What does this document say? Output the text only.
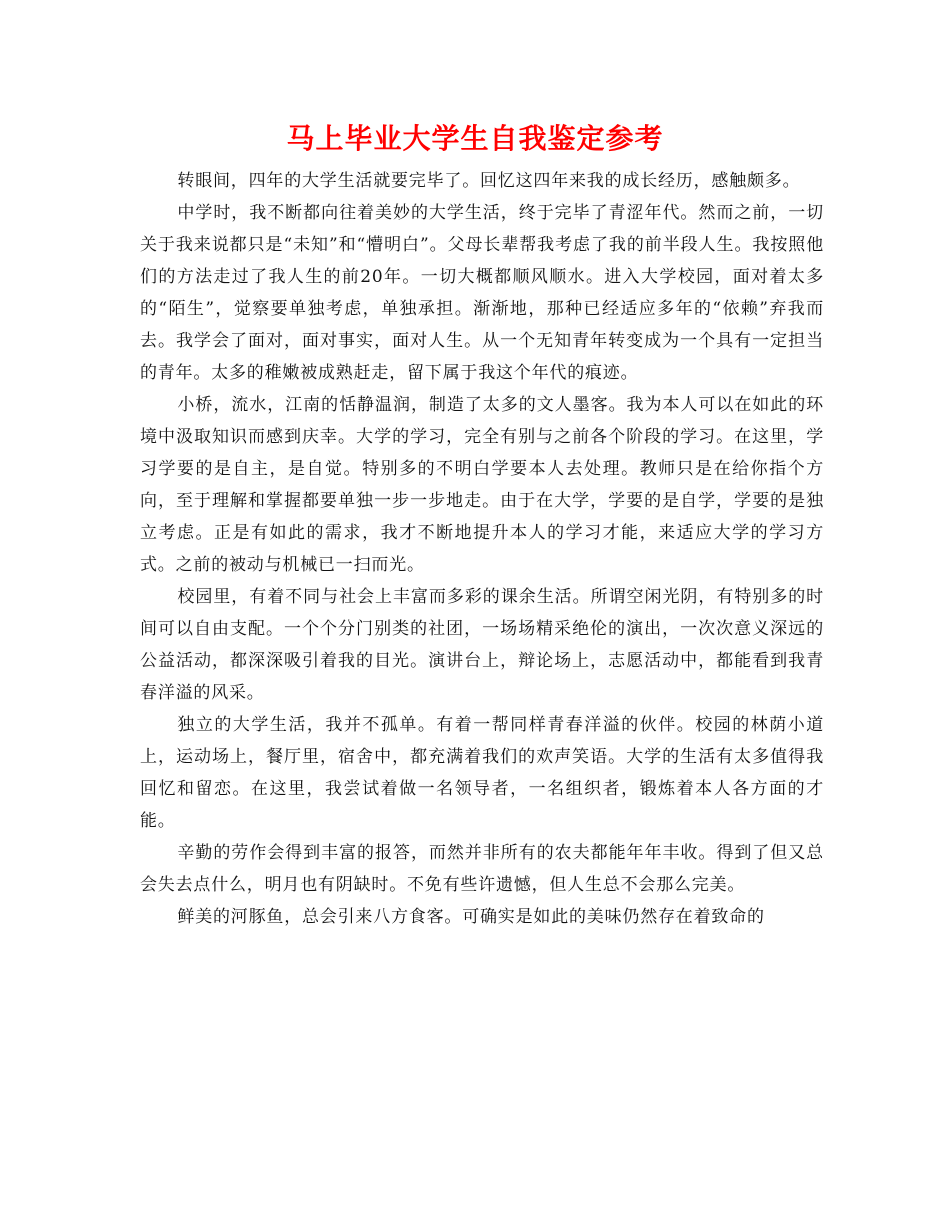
马上毕业大学生自我鉴定参考

转眼间，四年的大学生活就要完毕了。回忆这四年来我的成长经历，感触颇多。

中学时，我不断都向往着美妙的大学生活，终于完毕了青涩年代。然而之前，一切关于我来说都只是“未知”和“懵明白”。父母长辈帮我考虑了我的前半段人生。我按照他们的方法走过了我人生的前20年。一切大概都顺风顺水。进入大学校园，面对着太多的“陌生”，觉察要单独考虑，单独承担。渐渐地，那种已经适应多年的“依赖”弃我而去。我学会了面对，面对事实，面对人生。从一个无知青年转变成为一个具有一定担当的青年。太多的稚嫩被成熟赶走，留下属于我这个年代的痕迹。

小桥，流水，江南的恬静温润，制造了太多的文人墨客。我为本人可以在如此的环境中汲取知识而感到庆幸。大学的学习，完全有别与之前各个阶段的学习。在这里，学习学要的是自主，是自觉。特别多的不明白学要本人去处理。教师只是在给你指个方向，至于理解和掌握都要单独一步一步地走。由于在大学，学要的是自学，学要的是独立考虑。正是有如此的需求，我才不断地提升本人的学习才能，来适应大学的学习方式。之前的被动与机械已一扫而光。

校园里，有着不同与社会上丰富而多彩的课余生活。所谓空闲光阴，有特别多的时间可以自由支配。一个个分门别类的社团，一场场精采绝伦的演出，一次次意义深远的公益活动，都深深吸引着我的目光。演讲台上，辩论场上，志愿活动中，都能看到我青春洋溢的风采。

独立的大学生活，我并不孤单。有着一帮同样青春洋溢的伙伴。校园的林荫小道上，运动场上，餐厅里，宿舍中，都充满着我们的欢声笑语。大学的生活有太多值得我回忆和留恋。在这里，我尝试着做一名领导者，一名组织者，锻炼着本人各方面的才能。

辛勤的劳作会得到丰富的报答，而然并非所有的农夫都能年年丰收。得到了但又总会失去点什么，明月也有阴缺时。不免有些许遗憾，但人生总不会那么完美。

鲜美的河豚鱼，总会引来八方食客。可确实是如此的美味仍然存在着致命的
